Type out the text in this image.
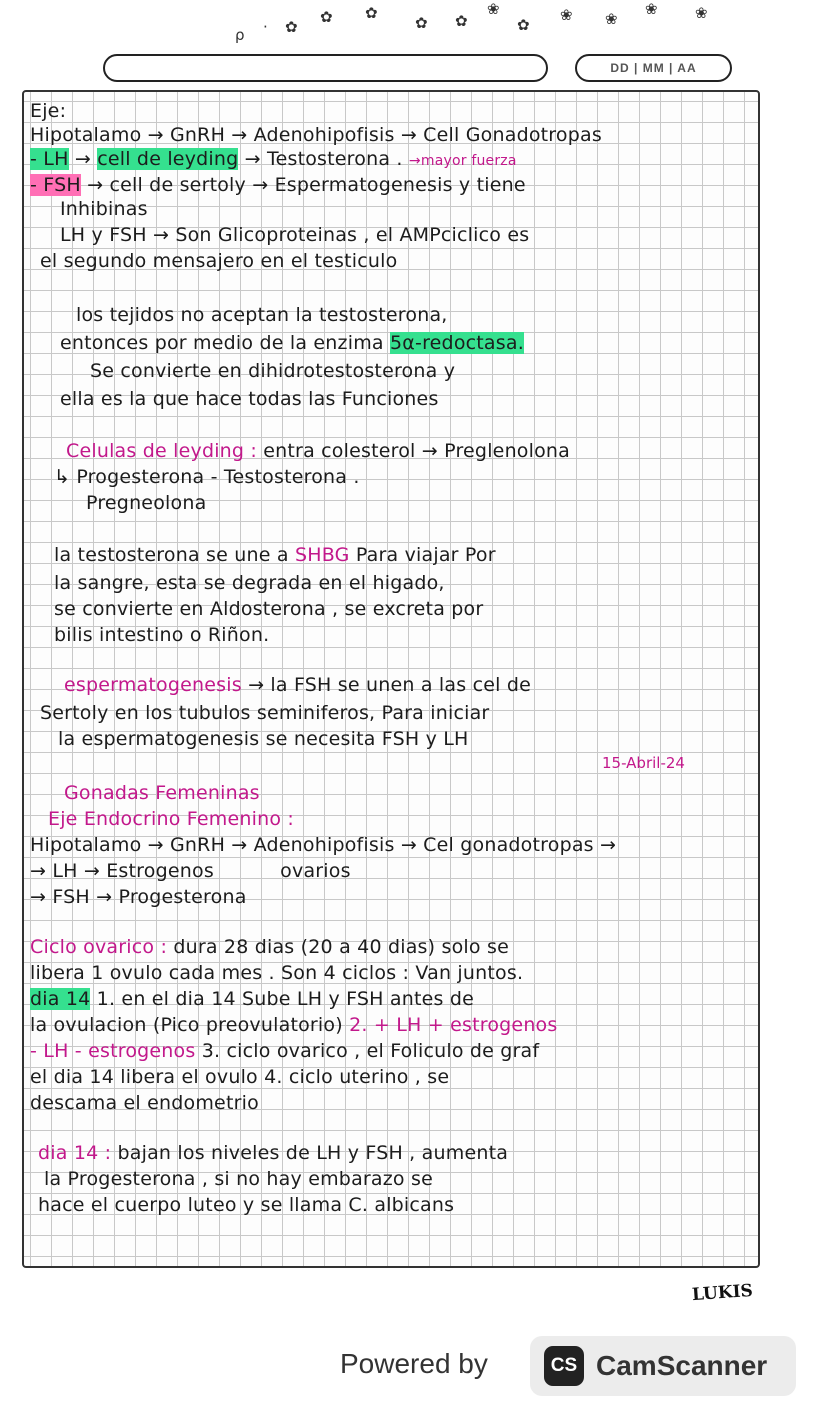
ρ · ✿
✿ ✿
✿ ✿
❀
✿
❀ ❀
❀ ❀
DD | MM | AA
Eje:
Hipotalamo → GnRH → Adenohipofisis → Cell Gonadotropas
- LH → cell de leyding → Testosterona . →mayor fuerza
- FSH → cell de sertoly → Espermatogenesis y tiene
Inhibinas
LH y FSH → Son Glicoproteinas , el AMPciclico es
el segundo mensajero en el testiculo
los tejidos no aceptan la testosterona,
entonces por medio de la enzima 5α-redoctasa.
Se convierte en dihidrotestosterona y
ella es la que hace todas las Funciones
Celulas de leyding : entra colesterol → Preglenolona
↳ Progesterona - Testosterona .
Pregneolona
la testosterona se une a SHBG Para viajar Por
la sangre, esta se degrada en el higado,
se convierte en Aldosterona , se excreta por
bilis intestino o Riñon.
espermatogenesis → la FSH se unen a las cel de
Sertoly en los tubulos seminiferos, Para iniciar
la espermatogenesis se necesita FSH y LH
15-Abril-24
Gonadas Femeninas
Eje Endocrino Femenino :
Hipotalamo → GnRH → Adenohipofisis → Cel gonadotropas →
→ LH → Estrogenos	ovarios
→ FSH → Progesterona
Ciclo ovarico : dura 28 dias (20 a 40 dias) solo se
libera 1 ovulo cada mes . Son 4 ciclos : Van juntos.
dia 14 1. en el dia 14 Sube LH y FSH antes de
la ovulacion (Pico preovulatorio) 2. + LH + estrogenos
- LH - estrogenos 3. ciclo ovarico , el Foliculo de graf
el dia 14 libera el ovulo 4. ciclo uterino , se
descama el endometrio
dia 14 : bajan los niveles de LH y FSH , aumenta
la Progesterona , si no hay embarazo se
hace el cuerpo luteo y se llama C. albicans
LUKIS
Powered by	CS CamScanner
